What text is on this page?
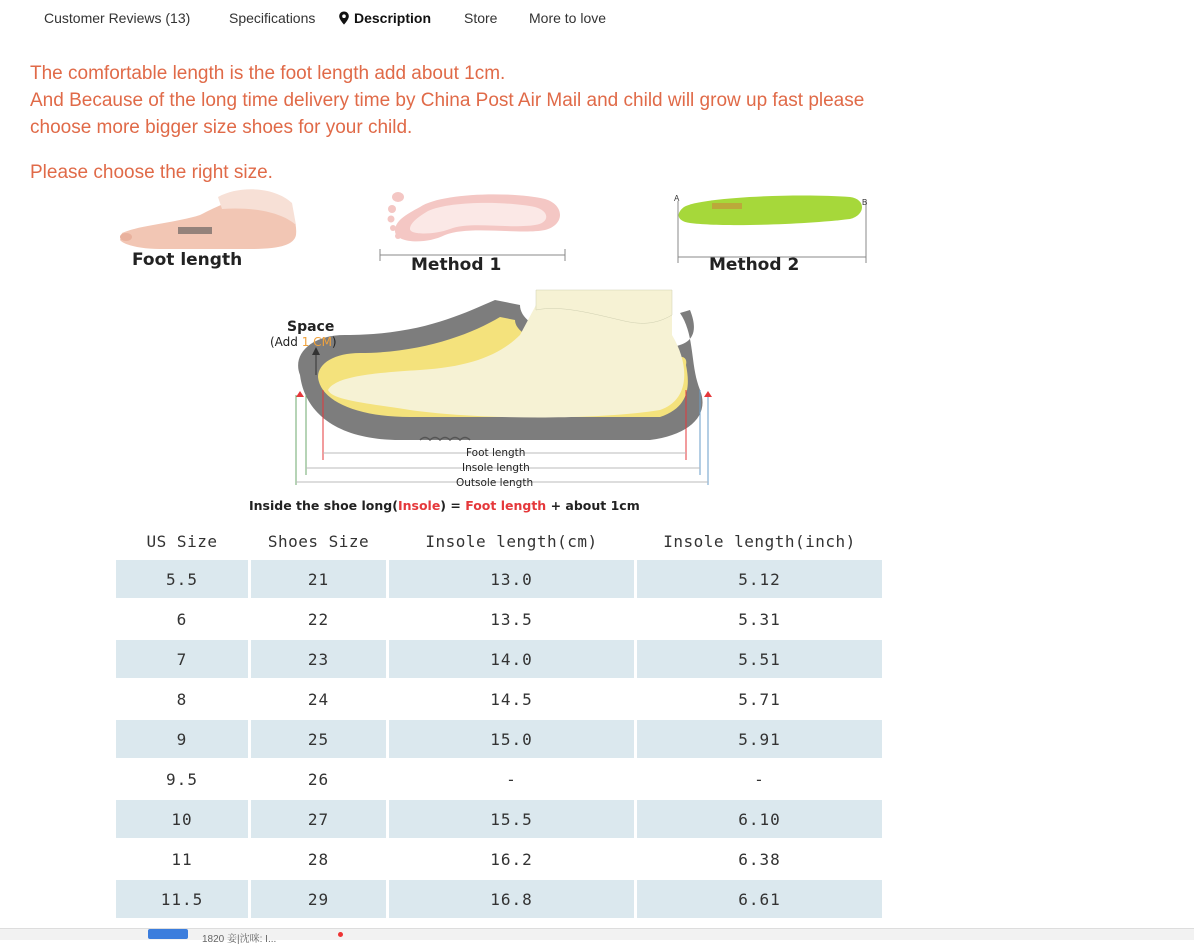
Customer Reviews (13)	Specifications	Description Store More to love

The comfortable length is the foot length add about 1cm.

And Because of the long time delivery time by China Post Air Mail and child will grow up fast please

choose more bigger size shoes for your child.

Please choose the right size.

A	B
Foot length	Method 1	Method 2
Space
(Add 1 CM)
Foot length
Insole length
Outsole length
Inside the shoe long(Insole) = Foot length + about 1cm
US Size	Shoes Size	Insole length(cm)	Insole length(inch)
5.5	21	13.0	5.12
6	22	13.5	5.31
7	23	14.0	5.51
8	24	14.5	5.71
9	25	15.0	5.91
9.5	26	-	-
10	27	15.5	6.10
11	28	16.2	6.38
11.5	29	16.8	6.61
1820 妾|沈咪: I...
